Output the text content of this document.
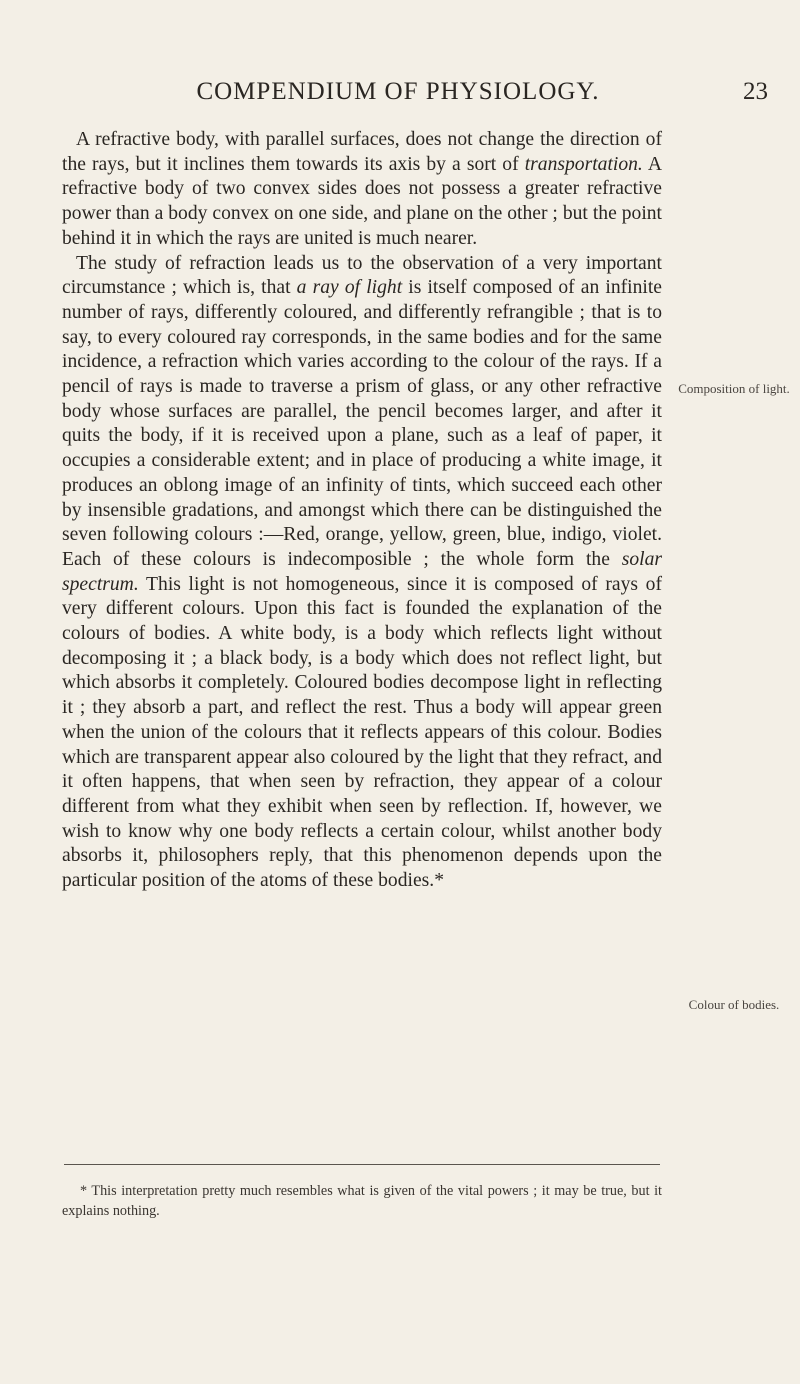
COMPENDIUM OF PHYSIOLOGY.	23

A refractive body, with parallel surfaces, does not change the direction of the rays, but it inclines them towards its axis by a sort of transportation. A refractive body of two convex sides does not possess a greater refractive power than a body convex on one side, and plane on the other ; but the point behind it in which the rays are united is much nearer.

The study of refraction leads us to the observation of a very important circumstance ; which is, that a ray of light is itself composed of an infinite number of rays, differently coloured, and differently refrangible ; that is to say, to every coloured ray corresponds, in the same bodies and for the same incidence, a refraction which varies according to the colour of the rays. If a pencil of rays is made to traverse a prism of glass, or any other refractive body whose surfaces are parallel, the pencil becomes larger, and after it quits the body, if it is received upon a plane, such as a leaf of paper, it occupies a considerable extent; and in place of producing a white image, it produces an oblong image of an infinity of tints, which succeed each other by insensible gradations, and amongst which there can be distinguished the seven following colours :—Red, orange, yellow, green, blue, indigo, violet. Each of these colours is indecomposible ; the whole form the solar spectrum. This light is not homogeneous, since it is composed of rays of very different colours. Upon this fact is founded the explanation of the colours of bodies. A white body, is a body which reflects light without decomposing it ; a black body, is a body which does not reflect light, but which absorbs it completely. Coloured bodies decompose light in reflecting it ; they absorb a part, and reflect the rest. Thus a body will appear green when the union of the colours that it reflects appears of this colour. Bodies which are transparent appear also coloured by the light that they refract, and it often happens, that when seen by refraction, they appear of a colour different from what they exhibit when seen by reflection. If, however, we wish to know why one body reflects a certain colour, whilst another body absorbs it, philosophers reply, that this phenomenon depends upon the particular position of the atoms of these bodies.*

Composition of light.
Colour of bodies.

* This interpretation pretty much resembles what is given of the vital powers ; it may be true, but it explains nothing.
